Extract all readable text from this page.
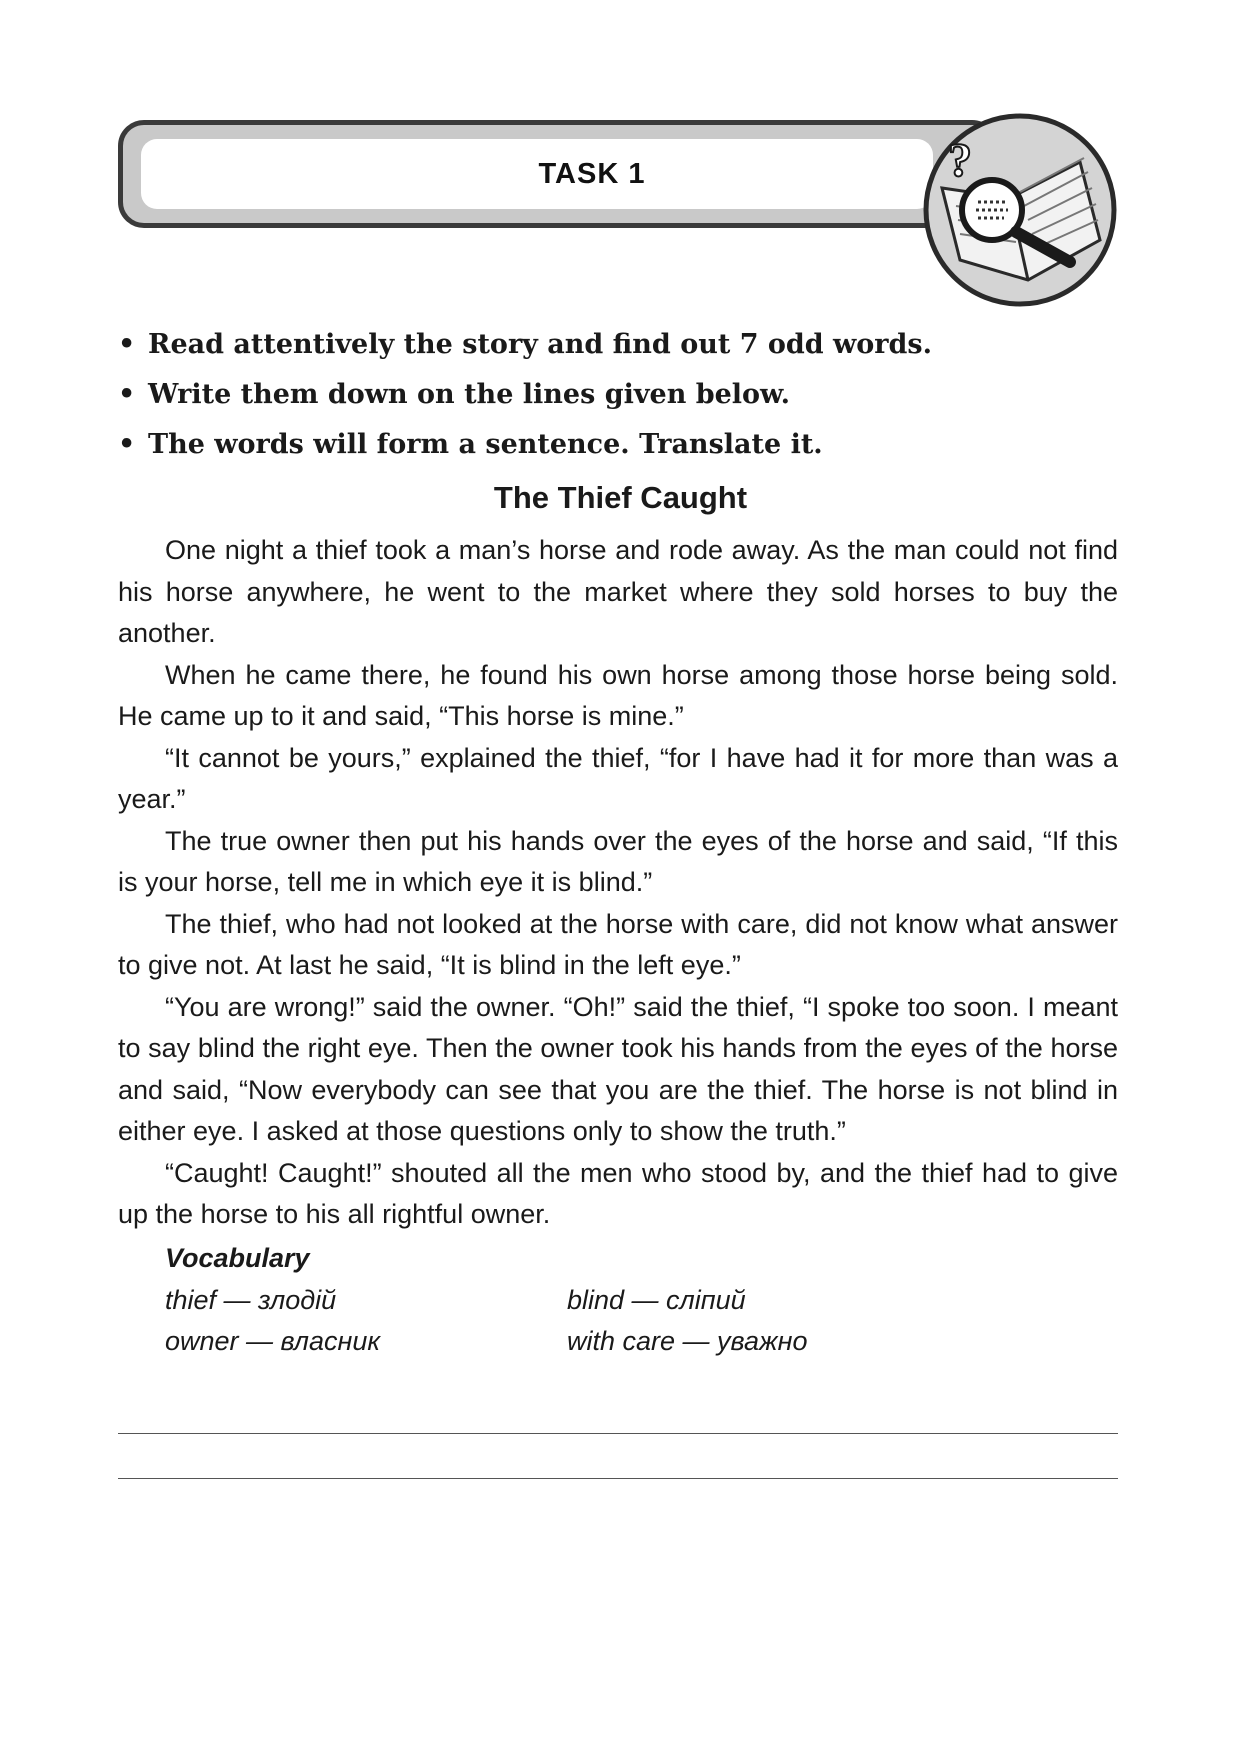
TASK 1	?
• Read attentively the story and find out 7 odd words.
• Write them down on the lines given below.
• The words will form a sentence. Translate it.
The Thief Caught

One night a thief took a man’s horse and rode away. As the man could not find his horse anywhere, he went to the market where they sold horses to buy the another.

When he came there, he found his own horse among those horse being sold. He came up to it and said, “This horse is mine.”

“It cannot be yours,” explained the thief, “for I have had it for more than was a year.”

The true owner then put his hands over the eyes of the horse and said, “If this is your horse, tell me in which eye it is blind.”

The thief, who had not looked at the horse with care, did not know what answer to give not. At last he said, “It is blind in the left eye.”

“You are wrong!” said the owner. “Oh!” said the thief, “I spoke too soon. I meant to say blind the right eye. Then the owner took his hands from the eyes of the horse and said, “Now everybody can see that you are the thief. The horse is not blind in either eye. I asked at those questions only to show the truth.”

“Caught! Caught!” shouted all the men who stood by, and the thief had to give up the horse to his all rightful owner.

Vocabulary
thief — злодій	blind — сліпий
owner — власник	with care — уважно
